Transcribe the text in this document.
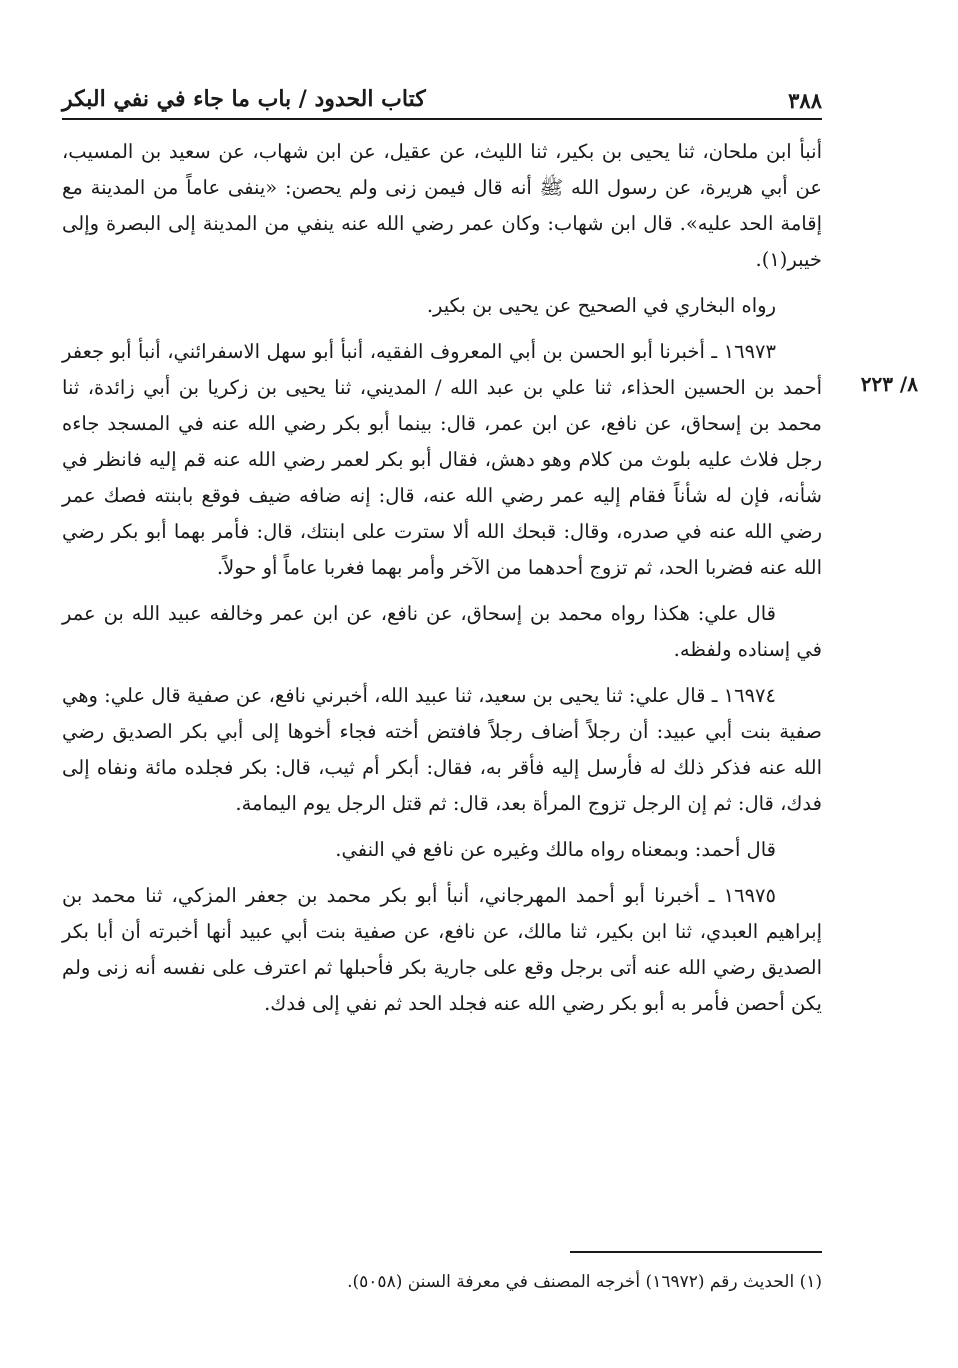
٣٨٨
كتاب الحدود / باب ما جاء في نفي البكر
٨/ ٢٢٣

أنبأ ابن ملحان، ثنا يحيى بن بكير، ثنا الليث، عن عقيل، عن ابن شهاب، عن سعيد بن المسيب، عن أبي هريرة، عن رسول الله ﷺ أنه قال فيمن زنى ولم يحصن: «ينفى عاماً من المدينة مع إقامة الحد عليه». قال ابن شهاب: وكان عمر رضي الله عنه ينفي من المدينة إلى البصرة وإلى خيبر(١).

رواه البخاري في الصحيح عن يحيى بن بكير.

١٦٩٧٣ ـ أخبرنا أبو الحسن بن أبي المعروف الفقيه، أنبأ أبو سهل الاسفرائني، أنبأ أبو جعفر أحمد بن الحسين الحذاء، ثنا علي بن عبد الله / المديني، ثنا يحيى بن زكريا بن أبي زائدة، ثنا محمد بن إسحاق، عن نافع، عن ابن عمر، قال: بينما أبو بكر رضي الله عنه في المسجد جاءه رجل فلاث عليه بلوث من كلام وهو دهش، فقال أبو بكر لعمر رضي الله عنه قم إليه فانظر في شأنه، فإن له شأناً فقام إليه عمر رضي الله عنه، قال: إنه ضافه ضيف فوقع بابنته فصك عمر رضي الله عنه في صدره، وقال: قبحك الله ألا سترت على ابنتك، قال: فأمر بهما أبو بكر رضي الله عنه فضربا الحد، ثم تزوج أحدهما من الآخر وأمر بهما فغربا عاماً أو حولاً.

قال علي: هكذا رواه محمد بن إسحاق، عن نافع، عن ابن عمر وخالفه عبيد الله بن عمر في إسناده ولفظه.

١٦٩٧٤ ـ قال علي: ثنا يحيى بن سعيد، ثنا عبيد الله، أخبرني نافع، عن صفية قال علي: وهي صفية بنت أبي عبيد: أن رجلاً أضاف رجلاً فافتض أخته فجاء أخوها إلى أبي بكر الصديق رضي الله عنه فذكر ذلك له فأرسل إليه فأقر به، فقال: أبكر أم ثيب، قال: بكر فجلده مائة ونفاه إلى فدك، قال: ثم إن الرجل تزوج المرأة بعد، قال: ثم قتل الرجل يوم اليمامة.

قال أحمد: وبمعناه رواه مالك وغيره عن نافع في النفي.

١٦٩٧٥ ـ أخبرنا أبو أحمد المهرجاني، أنبأ أبو بكر محمد بن جعفر المزكي، ثنا محمد بن إبراهيم العبدي، ثنا ابن بكير، ثنا مالك، عن نافع، عن صفية بنت أبي عبيد أنها أخبرته أن أبا بكر الصديق رضي الله عنه أتى برجل وقع على جارية بكر فأحبلها ثم اعترف على نفسه أنه زنى ولم يكن أحصن فأمر به أبو بكر رضي الله عنه فجلد الحد ثم نفي إلى فدك.

(١) الحديث رقم (١٦٩٧٢) أخرجه المصنف في معرفة السنن (٥٠٥٨).
